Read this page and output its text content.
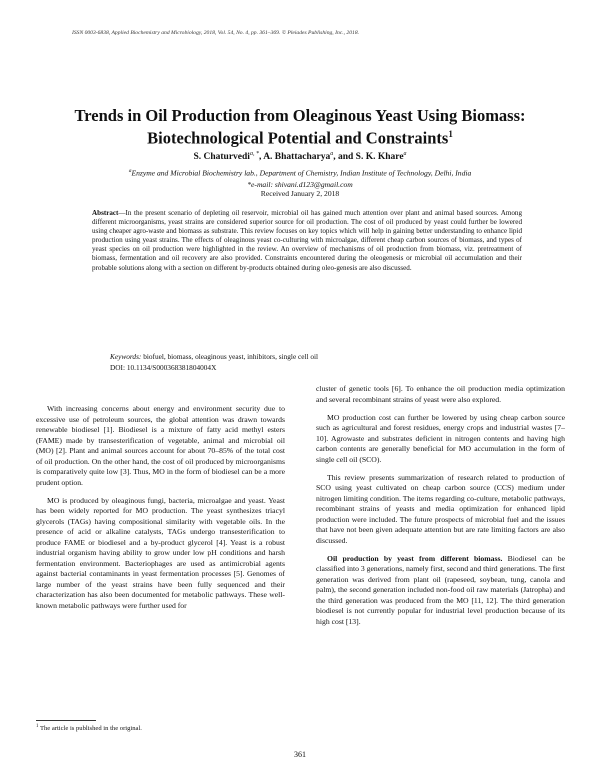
ISSN 0003-6838, Applied Biochemistry and Microbiology, 2018, Vol. 54, No. 4, pp. 361–369. © Pleiades Publishing, Inc., 2018.
Trends in Oil Production from Oleaginous Yeast Using Biomass:
Biotechnological Potential and Constraints$^1$
S. Chaturvedi$^{a, *}$, A. Bhattacharya$^a$, and S. K. Khare$^a$
$^a$Enzyme and Microbial Biochemistry lab., Department of Chemistry, Indian Institute of Technology, Delhi, India
*e-mail: shivani.d123@gmail.com
Received January 2, 2018
Abstract—In the present scenario of depleting oil reservoir, microbial oil has gained much attention over plant and animal based sources. Among different microorganisms, yeast strains are considered superior source for oil production. The cost of oil produced by yeast could further be lowered using cheaper agro-waste and biomass as substrate. This review focuses on key topics which will help in gaining better understanding to enhance lipid production using yeast strains. The effects of oleaginous yeast co-culturing with microalgae, different cheap carbon sources of biomass, and types of yeast species on oil production were highlighted in the review. An overview of mechanisms of oil production from biomass, viz. pretreatment of biomass, fermentation and oil recovery are also provided. Constraints encountered during the oleogenesis or microbial oil accumulation and their probable solutions along with a section on different by-products obtained during oleo-genesis are also discussed.
Keywords: biofuel, biomass, oleaginous yeast, inhibitors, single cell oil
DOI: 10.1134/S000368381804004X

With increasing concerns about energy and environment security due to excessive use of petroleum sources, the global attention was drawn towards renewable biodiesel [1]. Biodiesel is a mixture of fatty acid methyl esters (FAME) made by transesterification of vegetable, animal and microbial oil (MO) [2]. Plant and animal sources account for about 70–85% of the total cost of oil production. On the other hand, the cost of oil produced by microorganisms is comparatively quite low [3]. Thus, MO in the form of biodiesel can be a more prudent option.

MO is produced by oleaginous fungi, bacteria, microalgae and yeast. Yeast has been widely reported for MO production. The yeast synthesizes triacyl glycerols (TAGs) having compositional similarity with vegetable oils. In the presence of acid or alkaline catalysts, TAGs undergo transesterification to produce FAME or biodiesel and a by-product glycerol [4]. Yeast is a robust industrial organism having ability to grow under low pH conditions and harsh fermentation environment. Bacteriophages are used as antimicrobial agents against bacterial contaminants in yeast fermentation processes [5]. Genomes of large number of the yeast strains have been fully sequenced and their characterization has also been documented for metabolic pathways. These well-known metabolic pathways were further used for

cluster of genetic tools [6]. To enhance the oil production media optimization and several recombinant strains of yeast were also explored.

MO production cost can further be lowered by using cheap carbon source such as agricultural and forest residues, energy crops and industrial wastes [7–10]. Agrowaste and substrates deficient in nitrogen contents and having high carbon contents are generally beneficial for MO accumulation in the form of single cell oil (SCO).

This review presents summarization of research related to production of SCO using yeast cultivated on cheap carbon source (CCS) medium under nitrogen limiting condition. The items regarding co-culture, metabolic pathways, recombinant strains of yeasts and media optimization for enhanced lipid production were included. The future prospects of microbial fuel and the issues that have not been given adequate attention but are rate limiting factors are also discussed.

Oil production by yeast from different biomass. Biodiesel can be classified into 3 generations, namely first, second and third generations. The first generation was derived from plant oil (rapeseed, soybean, tung, canola and palm), the second generation included non-food oil raw materials (Jatropha) and the third generation was produced from the MO [11, 12]. The third generation biodiesel is not currently popular for industrial level production because of its high cost [13].

$^1$ The article is published in the original.
361
